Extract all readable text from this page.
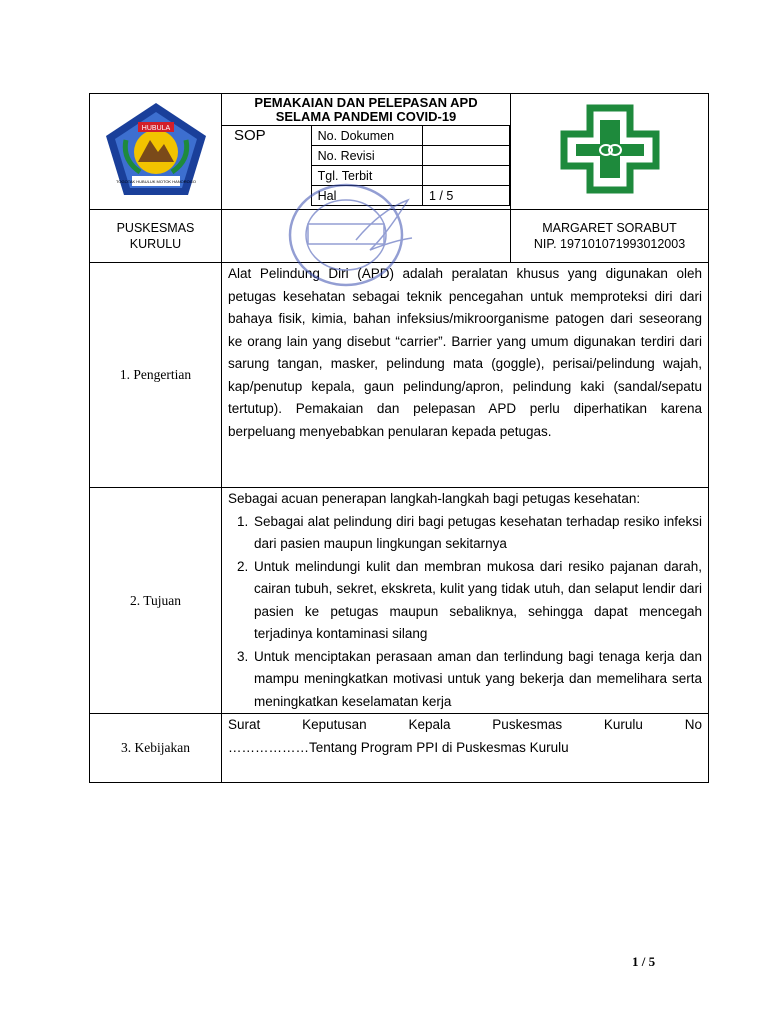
HUBULA
TOGOTAK HUBULUK MOTOK HANOROGO

PEMAKAIAN DAN PELEPASAN APD
SELAMA PANDEMI COVID-19
SOP	No. Dokumen	
No. Revisi	
Tgl. Terbit	
Hal	1 / 5

PUSKESMAS
KURULU

MARGARET SORABUT
NIP. 197101071993012003

1. Pengertian	

Alat Pelindung Diri (APD) adalah peralatan khusus yang digunakan oleh petugas kesehatan sebagai teknik pencegahan untuk memproteksi diri dari bahaya fisik, kimia, bahan infeksius/mikroorganisme patogen dari seseorang ke orang lain yang disebut “carrier”. Barrier yang umum digunakan terdiri dari sarung tangan, masker, pelindung mata (goggle), perisai/pelindung wajah, kap/penutup kepala, gaun pelindung/apron, pelindung kaki (sandal/sepatu tertutup). Pemakaian dan pelepasan APD perlu diperhatikan karena berpeluang menyebabkan penularan kepada petugas.

2. Tujuan	

Sebagai acuan penerapan langkah-langkah bagi petugas kesehatan:

1. Sebagai alat pelindung diri bagi petugas kesehatan terhadap resiko infeksi dari pasien maupun lingkungan sekitarnya
2. Untuk melindungi kulit dan membran mukosa dari resiko pajanan darah, cairan tubuh, sekret, ekskreta, kulit yang tidak utuh, dan selaput lendir dari pasien ke petugas maupun sebaliknya, sehingga dapat mencegah terjadinya kontaminasi silang
3. Untuk menciptakan perasaan aman dan terlindung bagi tenaga kerja dan mampu meningkatkan motivasi untuk yang bekerja dan memelihara serta meningkatkan keselamatan kerja

3. Kebijakan	

Surat Keputusan Kepala Puskesmas Kurulu No

………………Tentang Program PPI di Puskesmas Kurulu

1 / 5
